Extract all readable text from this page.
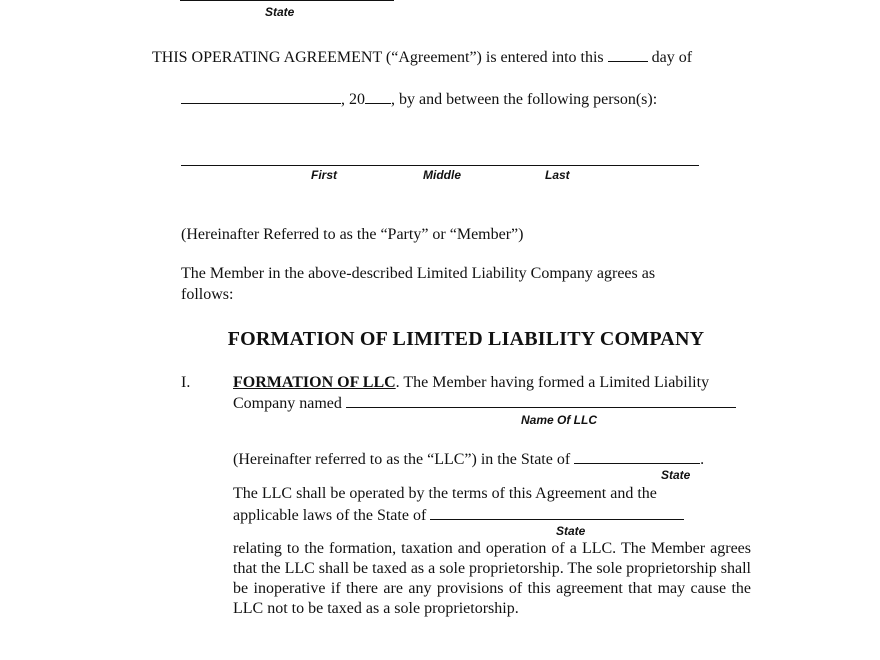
State
THIS OPERATING AGREEMENT (“Agreement”) is entered into this	day of
, 20 , by and between the following person(s):
First	Middle	Last
(Hereinafter Referred to as the “Party” or “Member”)
The Member in the above-described Limited Liability Company agrees as
follows:
FORMATION OF LIMITED LIABILITY COMPANY
I.	FORMATION OF LLC. The Member having formed a Limited Liability
Company named
Name Of LLC
(Hereinafter referred to as the “LLC”) in the State of	.
State
The LLC shall be operated by the terms of this Agreement and the
applicable laws of the State of
State
relating to the formation, taxation and operation of a LLC. The Member agrees that the LLC shall be taxed as a sole proprietorship. The sole proprietorship shall be inoperative if there are any provisions of this agreement that may cause the LLC not to be taxed as a sole proprietorship.
